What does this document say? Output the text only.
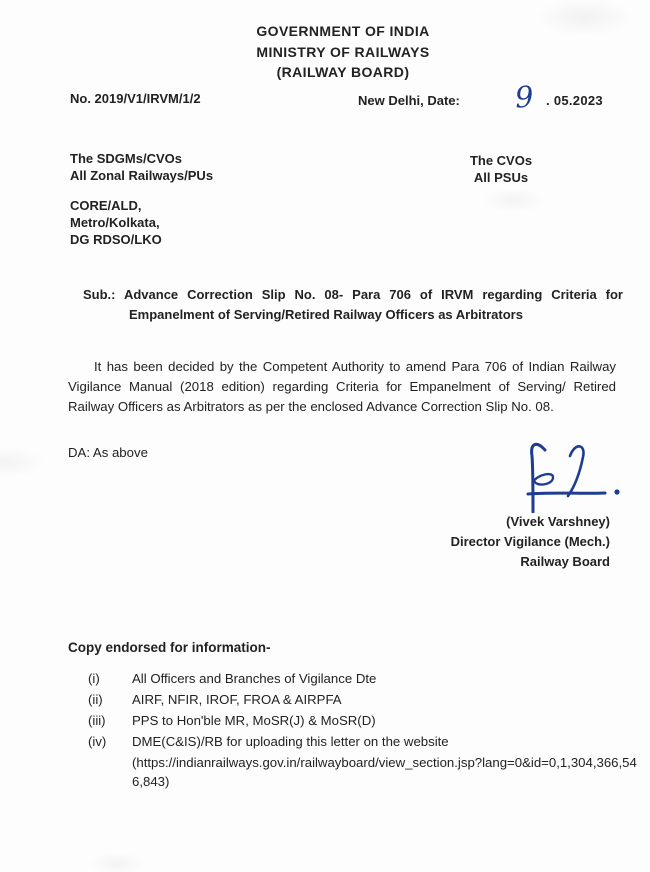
GOVERNMENT OF INDIA
MINISTRY OF RAILWAYS
(RAILWAY BOARD)
No. 2019/V1/IRVM/1/2	New Delhi, Date: 9 . 05.2023
The SDGMs/CVOs
All Zonal Railways/PUs
The CVOs
All PSUs
CORE/ALD,
Metro/Kolkata,
DG RDSO/LKO
Sub.: Advance Correction Slip No. 08- Para 706 of IRVM regarding Criteria for Empanelment of Serving/Retired Railway Officers as Arbitrators
It has been decided by the Competent Authority to amend Para 706 of Indian Railway Vigilance Manual (2018 edition) regarding Criteria for Empanelment of Serving/ Retired Railway Officers as Arbitrators as per the enclosed Advance Correction Slip No. 08.
DA: As above
(Vivek Varshney)
Director Vigilance (Mech.)
Railway Board
Copy endorsed for information-
(i) All Officers and Branches of Vigilance Dte
(ii) AIRF, NFIR, IROF, FROA & AIRPFA
(iii) PPS to Hon'ble MR, MoSR(J) & MoSR(D)
(iv) DME(C&IS)/RB for uploading this letter on the website
(https://indianrailways.gov.in/railwayboard/view_section.jsp?lang=0&id=0,1,304,366,546,843)
